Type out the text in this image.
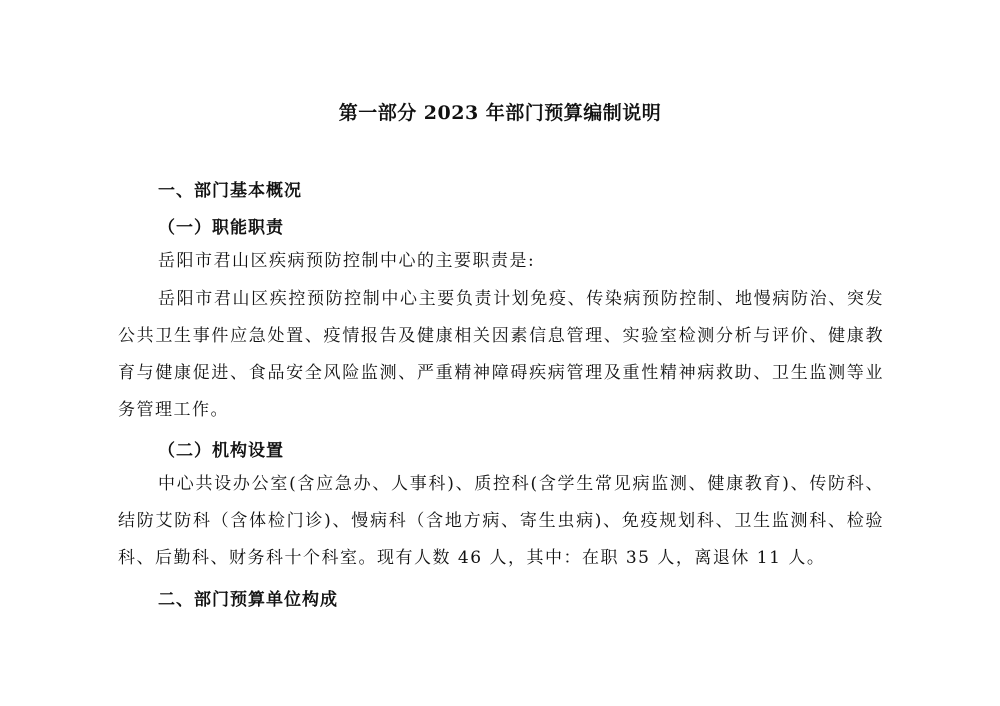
第一部分 2023 年部门预算编制说明
一、部门基本概况
（一）职能职责

岳阳市君山区疾病预防控制中心的主要职责是:

岳阳市君山区疾控预防控制中心主要负责计划免疫、传染病预防控制、地慢病防治、突发公共卫生事件应急处置、疫情报告及健康相关因素信息管理、实验室检测分析与评价、健康教育与健康促进、食品安全风险监测、严重精神障碍疾病管理及重性精神病救助、卫生监测等业务管理工作。

（二）机构设置

中心共设办公室(含应急办、人事科)、质控科(含学生常见病监测、健康教育)、传防科、结防艾防科（含体检门诊)、慢病科（含地方病、寄生虫病)、免疫规划科、卫生监测科、检验科、后勤科、财务科十个科室。现有人数 46 人，其中：在职 35 人，离退休 11 人。

二、部门预算单位构成
